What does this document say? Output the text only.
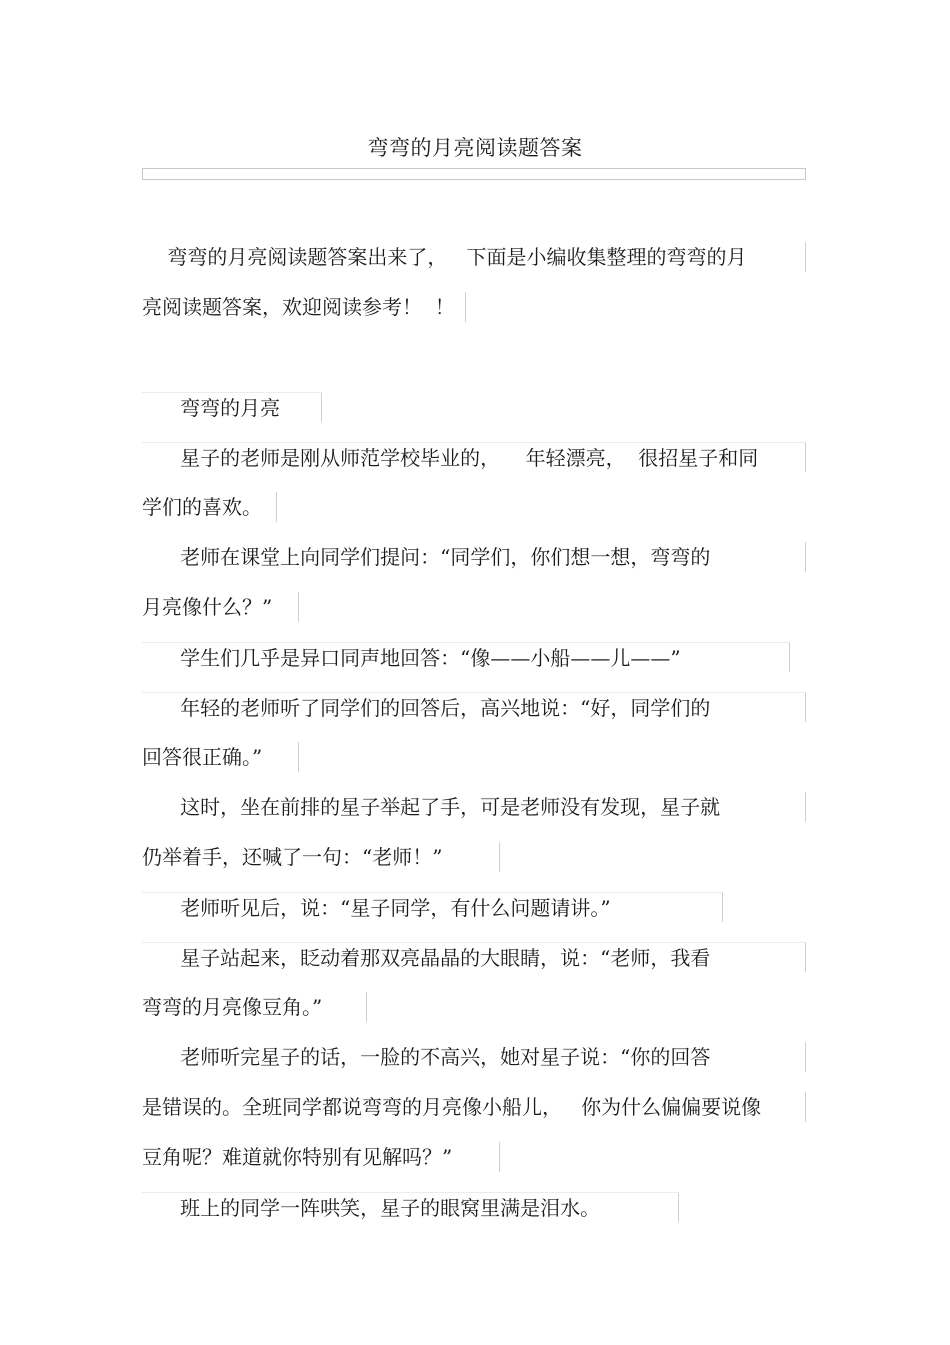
弯弯的月亮阅读题答案
弯弯的月亮阅读题答案出来了，   下面是小编收集整理的弯弯的月
亮阅读题答案，欢迎阅读参考！  ！
弯弯的月亮
星子的老师是刚从师范学校毕业的，    年轻漂亮，  很招星子和同
学们的喜欢。
老师在课堂上向同学们提问：“同学们，你们想一想，弯弯的
月亮像什么？”
学生们几乎是异口同声地回答：“像——小船——儿——”
年轻的老师听了同学们的回答后，高兴地说：“好，同学们的
回答很正确。”
这时，坐在前排的星子举起了手，可是老师没有发现，星子就
仍举着手，还喊了一句：“老师！”
老师听见后，说：“星子同学，有什么问题请讲。”
星子站起来，眨动着那双亮晶晶的大眼睛，说：“老师，我看
弯弯的月亮像豆角。”
老师听完星子的话，一脸的不高兴，她对星子说：“你的回答
是错误的。全班同学都说弯弯的月亮像小船儿，   你为什么偏偏要说像
豆角呢？难道就你特别有见解吗？”
班上的同学一阵哄笑，星子的眼窝里满是泪水。
